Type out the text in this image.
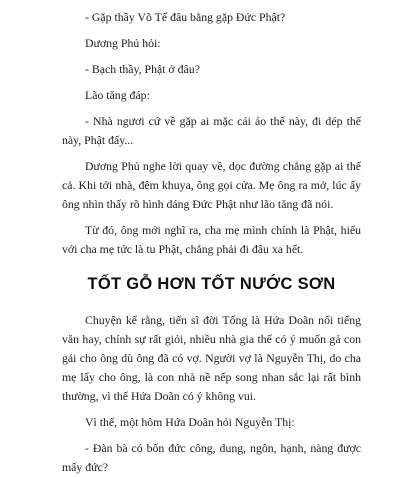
- Gặp thầy Võ Tế đâu bằng gặp Đức Phật?

Dương Phủ hỏi:

- Bạch thầy, Phật ở đâu?

Lão tăng đáp:

- Nhà ngươi cứ về gặp ai mặc cái áo thế này, đi dép thế này, Phật đấy...

Dương Phủ nghe lời quay về, dọc đường chẳng gặp ai thế cả. Khi tới nhà, đêm khuya, ông gọi cửa. Mẹ ông ra mở, lúc ấy ông nhìn thấy rõ hình dáng Đức Phật như lão tăng đã nói.

Từ đó, ông mới nghĩ ra, cha mẹ mình chính là Phật, hiếu với cha mẹ tức là tu Phật, chẳng phải đi đâu xa hết.

TỐT GỖ HƠN TỐT NƯỚC SƠN

Chuyện kể rằng, tiến sĩ đời Tống là Hứa Doãn nổi tiếng văn hay, chính sự rất giỏi, nhiều nhà gia thế có ý muốn gả con gái cho ông dù ông đã có vợ. Người vợ là Nguyễn Thị, do cha mẹ lấy cho ông, là con nhà nề nếp song nhan sắc lại rất bình thường, vì thế Hứa Doãn có ý không vui.

Vì thế, một hôm Hứa Doãn hỏi Nguyễn Thị:

- Đàn bà có bốn đức công, dung, ngôn, hạnh, nàng được mấy đức?
